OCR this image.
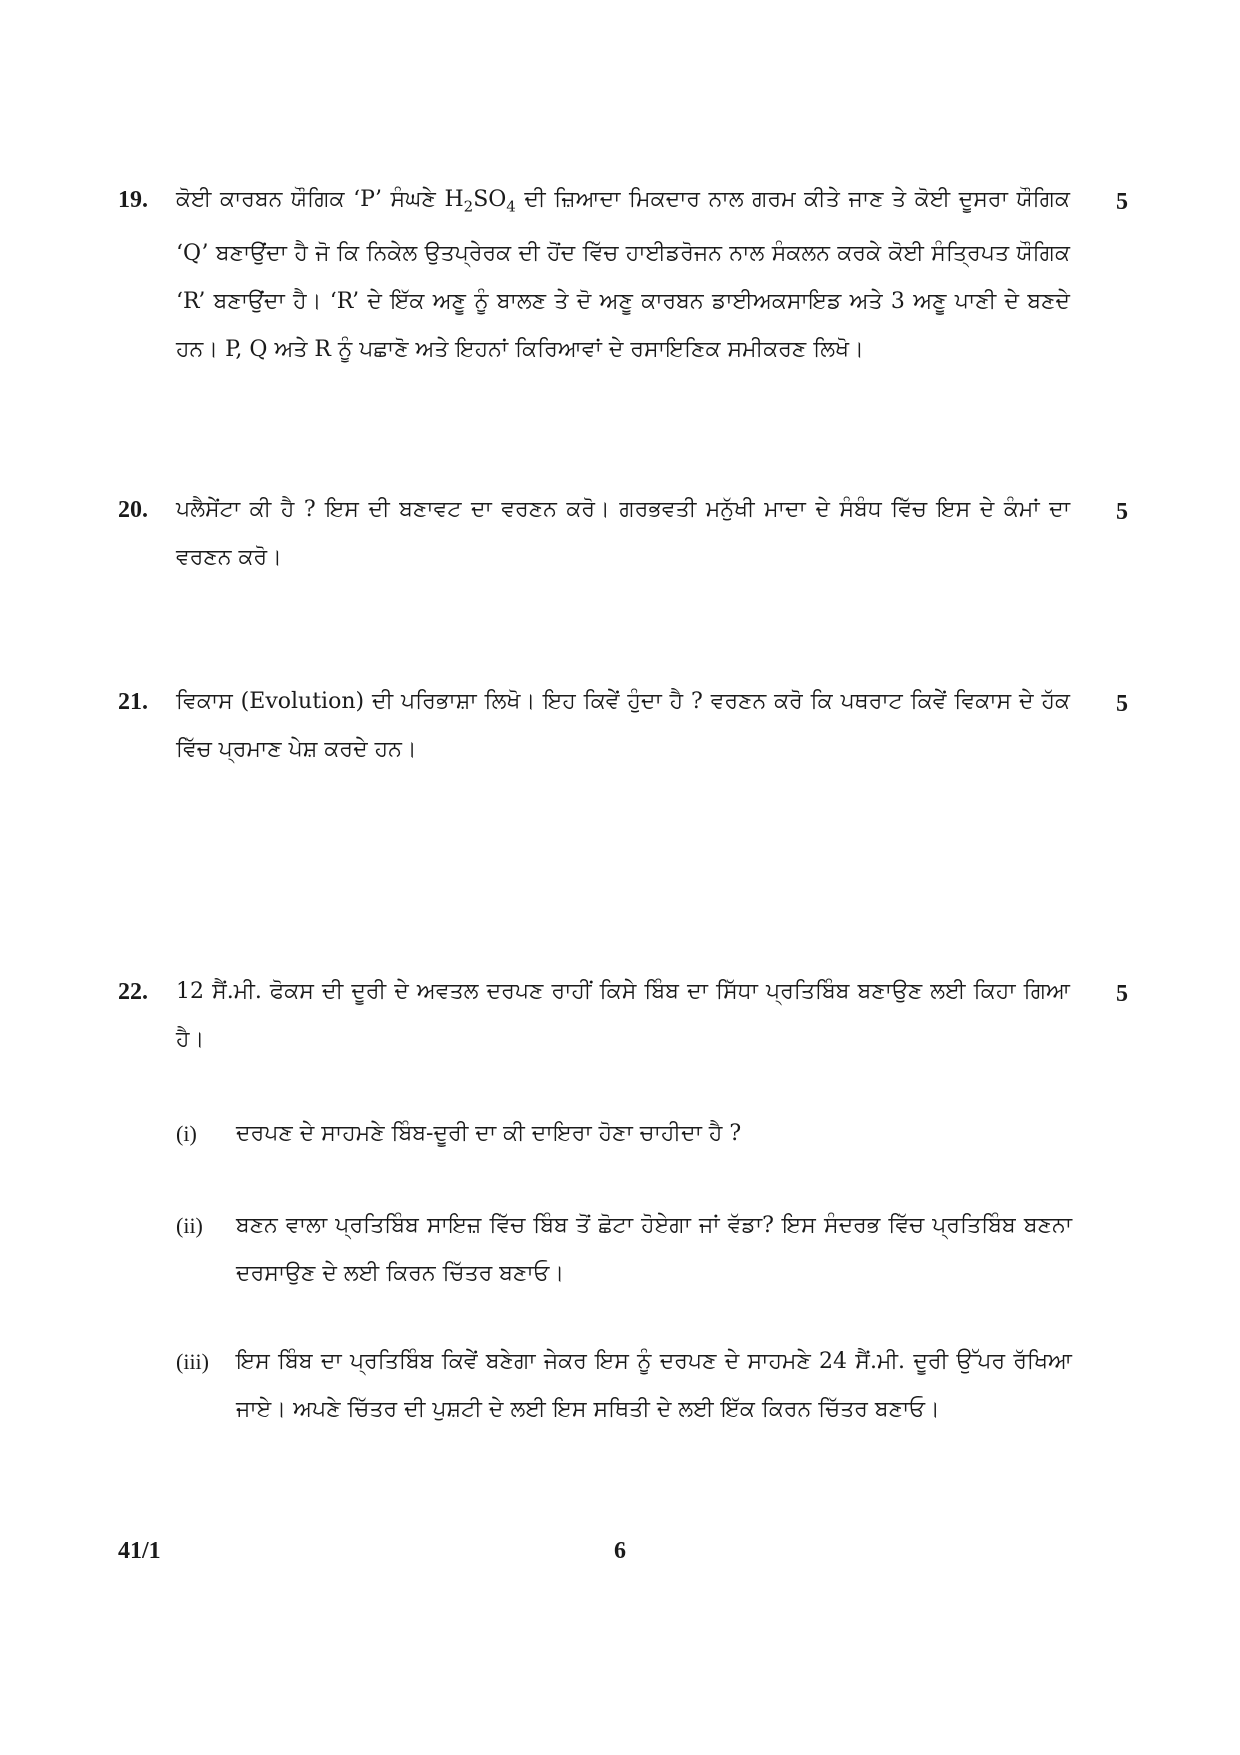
19.	5
ਕੋਈ ਕਾਰਬਨ ਯੌਗਿਕ ‘P’ ਸੰਘਣੇ $H_2SO_4$ ਦੀ ਜ਼ਿਆਦਾ ਮਿਕਦਾਰ ਨਾਲ ਗਰਮ ਕੀਤੇ ਜਾਣ ਤੇ ਕੋਈ ਦੂਸਰਾ ਯੌਗਿਕ ‘Q’ ਬਣਾਉਂਦਾ ਹੈ ਜੋ ਕਿ ਨਿਕੇਲ ਉਤਪ੍ਰੇਰਕ ਦੀ ਹੋਂਦ ਵਿੱਚ ਹਾਈਡਰੋਜਨ ਨਾਲ ਸੰਕਲਨ ਕਰਕੇ ਕੋਈ ਸੰਤ੍ਰਿਪਤ ਯੌਗਿਕ ‘R’ ਬਣਾਉਂਦਾ ਹੈ। ‘R’ ਦੇ ਇੱਕ ਅਣੂ ਨੂੰ ਬਾਲਣ ਤੇ ਦੋ ਅਣੂ ਕਾਰਬਨ ਡਾਈਅਕਸਾਇਡ ਅਤੇ 3 ਅਣੂ ਪਾਣੀ ਦੇ ਬਣਦੇ ਹਨ। P, Q ਅਤੇ R ਨੂੰ ਪਛਾਣੋ ਅਤੇ ਇਹਨਾਂ ਕਿਰਿਆਵਾਂ ਦੇ ਰਸਾਇਣਿਕ ਸਮੀਕਰਣ ਲਿਖੋ।
20.	5
ਪਲੈਸੇਂਟਾ ਕੀ ਹੈ ? ਇਸ ਦੀ ਬਣਾਵਟ ਦਾ ਵਰਣਨ ਕਰੋ। ਗਰਭਵਤੀ ਮਨੁੱਖੀ ਮਾਦਾ ਦੇ ਸੰਬੰਧ ਵਿੱਚ ਇਸ ਦੇ ਕੰਮਾਂ ਦਾ ਵਰਣਨ ਕਰੋ।
21.	5
ਵਿਕਾਸ (Evolution) ਦੀ ਪਰਿਭਾਸ਼ਾ ਲਿਖੋ। ਇਹ ਕਿਵੇਂ ਹੁੰਦਾ ਹੈ ? ਵਰਣਨ ਕਰੋ ਕਿ ਪਥਰਾਟ ਕਿਵੇਂ ਵਿਕਾਸ ਦੇ ਹੱਕ ਵਿੱਚ ਪ੍ਰਮਾਣ ਪੇਸ਼ ਕਰਦੇ ਹਨ।
22.	5
12 ਸੈਂ.ਮੀ. ਫੋਕਸ ਦੀ ਦੂਰੀ ਦੇ ਅਵਤਲ ਦਰਪਣ ਰਾਹੀਂ ਕਿਸੇ ਬਿੰਬ ਦਾ ਸਿੱਧਾ ਪ੍ਰਤਿਬਿੰਬ ਬਣਾਉਣ ਲਈ ਕਿਹਾ ਗਿਆ ਹੈ।
(i) ਦਰਪਣ ਦੇ ਸਾਹਮਣੇ ਬਿੰਬ-ਦੂਰੀ ਦਾ ਕੀ ਦਾਇਰਾ ਹੋਣਾ ਚਾਹੀਦਾ ਹੈ ?
(ii) ਬਣਨ ਵਾਲਾ ਪ੍ਰਤਿਬਿੰਬ ਸਾਇਜ਼ ਵਿੱਚ ਬਿੰਬ ਤੋਂ ਛੋਟਾ ਹੋਏਗਾ ਜਾਂ ਵੱਡਾ? ਇਸ ਸੰਦਰਭ ਵਿੱਚ ਪ੍ਰਤਿਬਿੰਬ ਬਣਨਾ ਦਰਸਾਉਣ ਦੇ ਲਈ ਕਿਰਨ ਚਿੱਤਰ ਬਣਾਓ।
(iii) ਇਸ ਬਿੰਬ ਦਾ ਪ੍ਰਤਿਬਿੰਬ ਕਿਵੇਂ ਬਣੇਗਾ ਜੇਕਰ ਇਸ ਨੂੰ ਦਰਪਣ ਦੇ ਸਾਹਮਣੇ 24 ਸੈਂ.ਮੀ. ਦੂਰੀ ਉੱਪਰ ਰੱਖਿਆ ਜਾਏ। ਅਪਣੇ ਚਿੱਤਰ ਦੀ ਪੁਸ਼ਟੀ ਦੇ ਲਈ ਇਸ ਸਥਿਤੀ ਦੇ ਲਈ ਇੱਕ ਕਿਰਨ ਚਿੱਤਰ ਬਣਾਓ।
41/1	6
